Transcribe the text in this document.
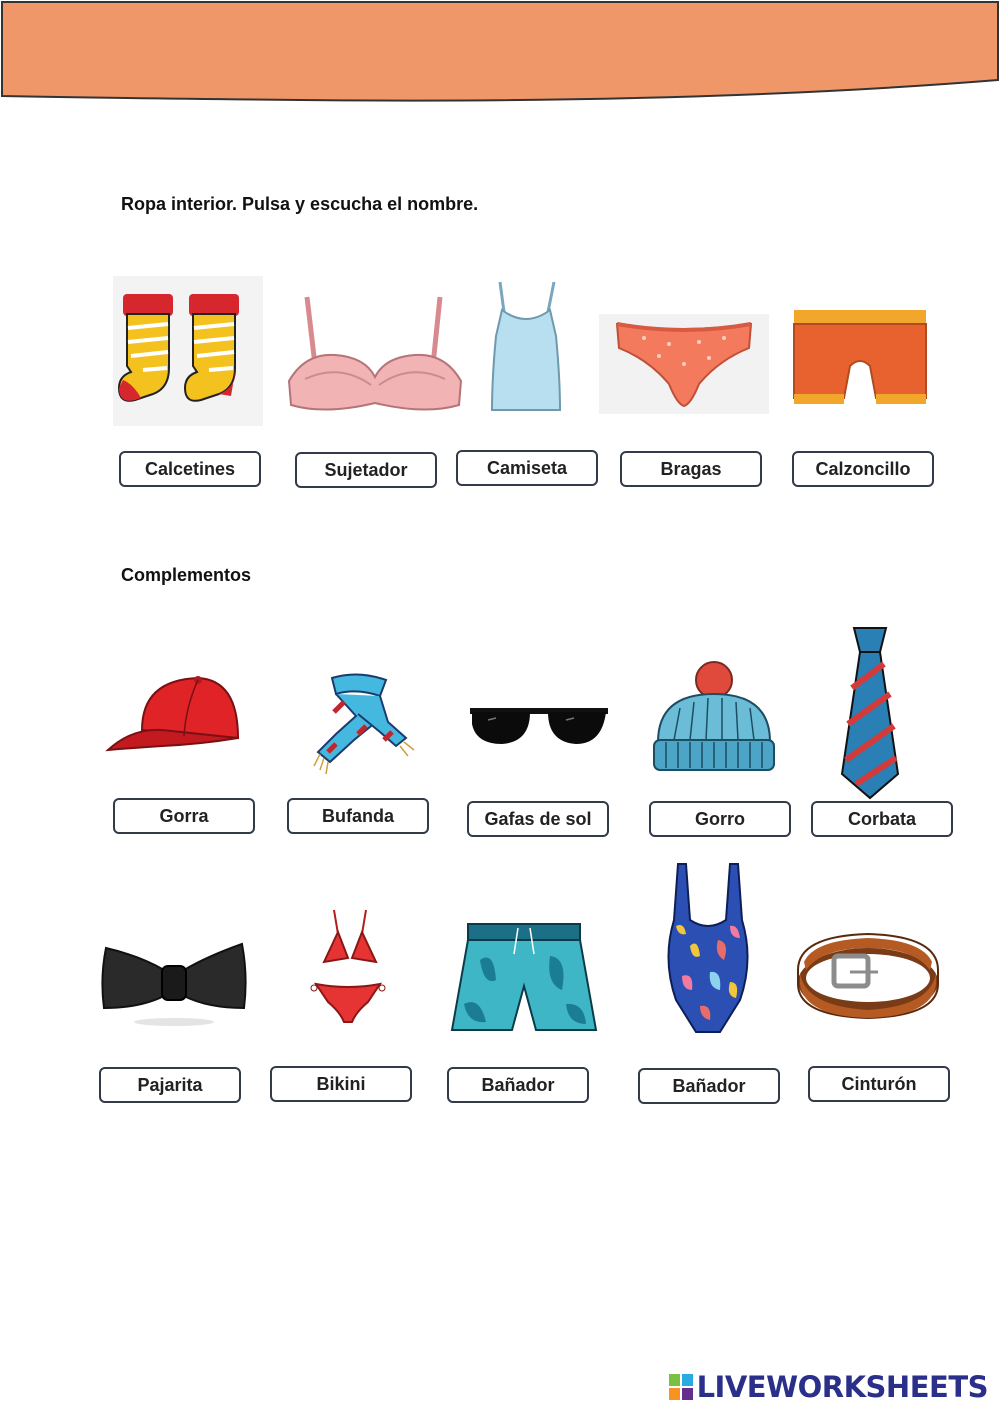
Ropa interior. Pulsa y escucha el nombre.
Calcetines	Sujetador	Camiseta	Bragas	Calzoncillo
Complementos
Gorra	Bufanda	Gafas de sol	Gorro	Corbata
Pajarita	Bikini	Bañador	Bañador	Cinturón
LIVEWORKSHEETS
